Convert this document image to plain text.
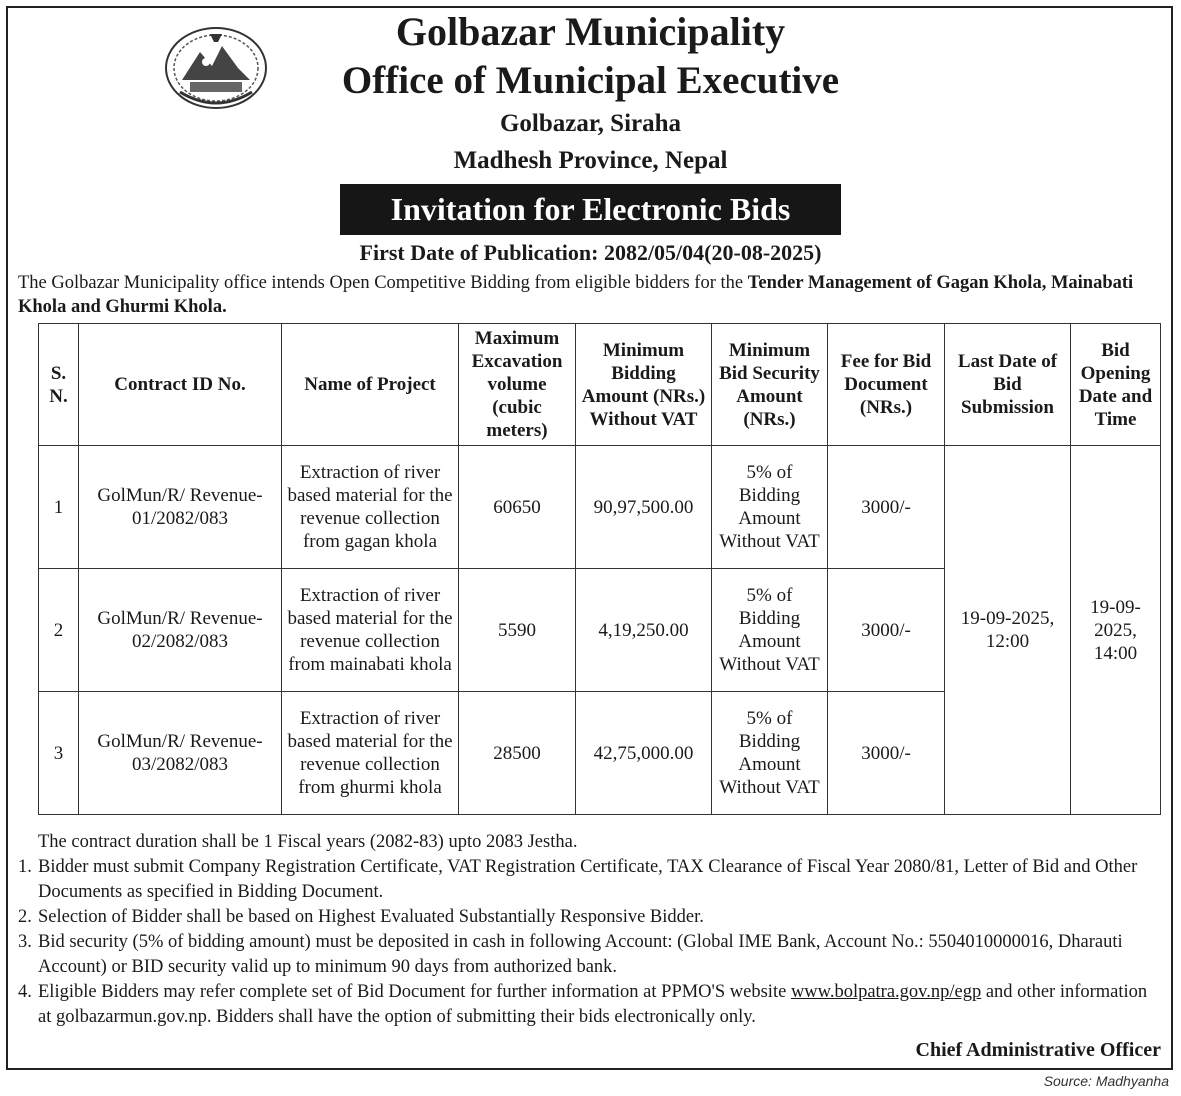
Golbazar Municipality
Office of Municipal Executive
Golbazar, Siraha
Madhesh Province, Nepal
Invitation for Electronic Bids
First Date of Publication: 2082/05/04(20-08-2025)
The Golbazar Municipality office intends Open Competitive Bidding from eligible bidders for the Tender Management of Gagan Khola, Mainabati Khola and Ghurmi Khola.
S. N.	Contract ID No.	Name of Project	Maximum Excavation volume (cubic meters)	Minimum Bidding Amount (NRs.) Without VAT	Minimum Bid Security Amount (NRs.)	Fee for Bid Document (NRs.)	Last Date of Bid Submission	Bid Opening Date and Time
1	GolMun/R/ Revenue-01/2082/083	Extraction of river based material for the revenue collection from gagan khola	60650	90,97,500.00	5% of Bidding Amount Without VAT	3000/-	19-09-2025, 12:00	19-09- 2025, 14:00
2	GolMun/R/ Revenue-02/2082/083	Extraction of river based material for the revenue collection from mainabati khola	5590	4,19,250.00	5% of Bidding Amount Without VAT	3000/-		
3	GolMun/R/ Revenue-03/2082/083	Extraction of river based material for the revenue collection from ghurmi khola	28500	42,75,000.00	5% of Bidding Amount Without VAT	3000/-		
The contract duration shall be 1 Fiscal years (2082-83) upto 2083 Jestha.
1. Bidder must submit Company Registration Certificate, VAT Registration Certificate, TAX Clearance of Fiscal Year 2080/81, Letter of Bid and Other Documents as specified in Bidding Document.
2. Selection of Bidder shall be based on Highest Evaluated Substantially Responsive Bidder.
3. Bid security (5% of bidding amount) must be deposited in cash in following Account: (Global IME Bank, Account No.: 5504010000016, Dharauti Account) or BID security valid up to minimum 90 days from authorized bank.
4. Eligible Bidders may refer complete set of Bid Document for further information at PPMO'S website www.bolpatra.gov.np/egp and other information at golbazarmun.gov.np. Bidders shall have the option of submitting their bids electronically only.
Chief Administrative Officer
Source: Madhyanha
